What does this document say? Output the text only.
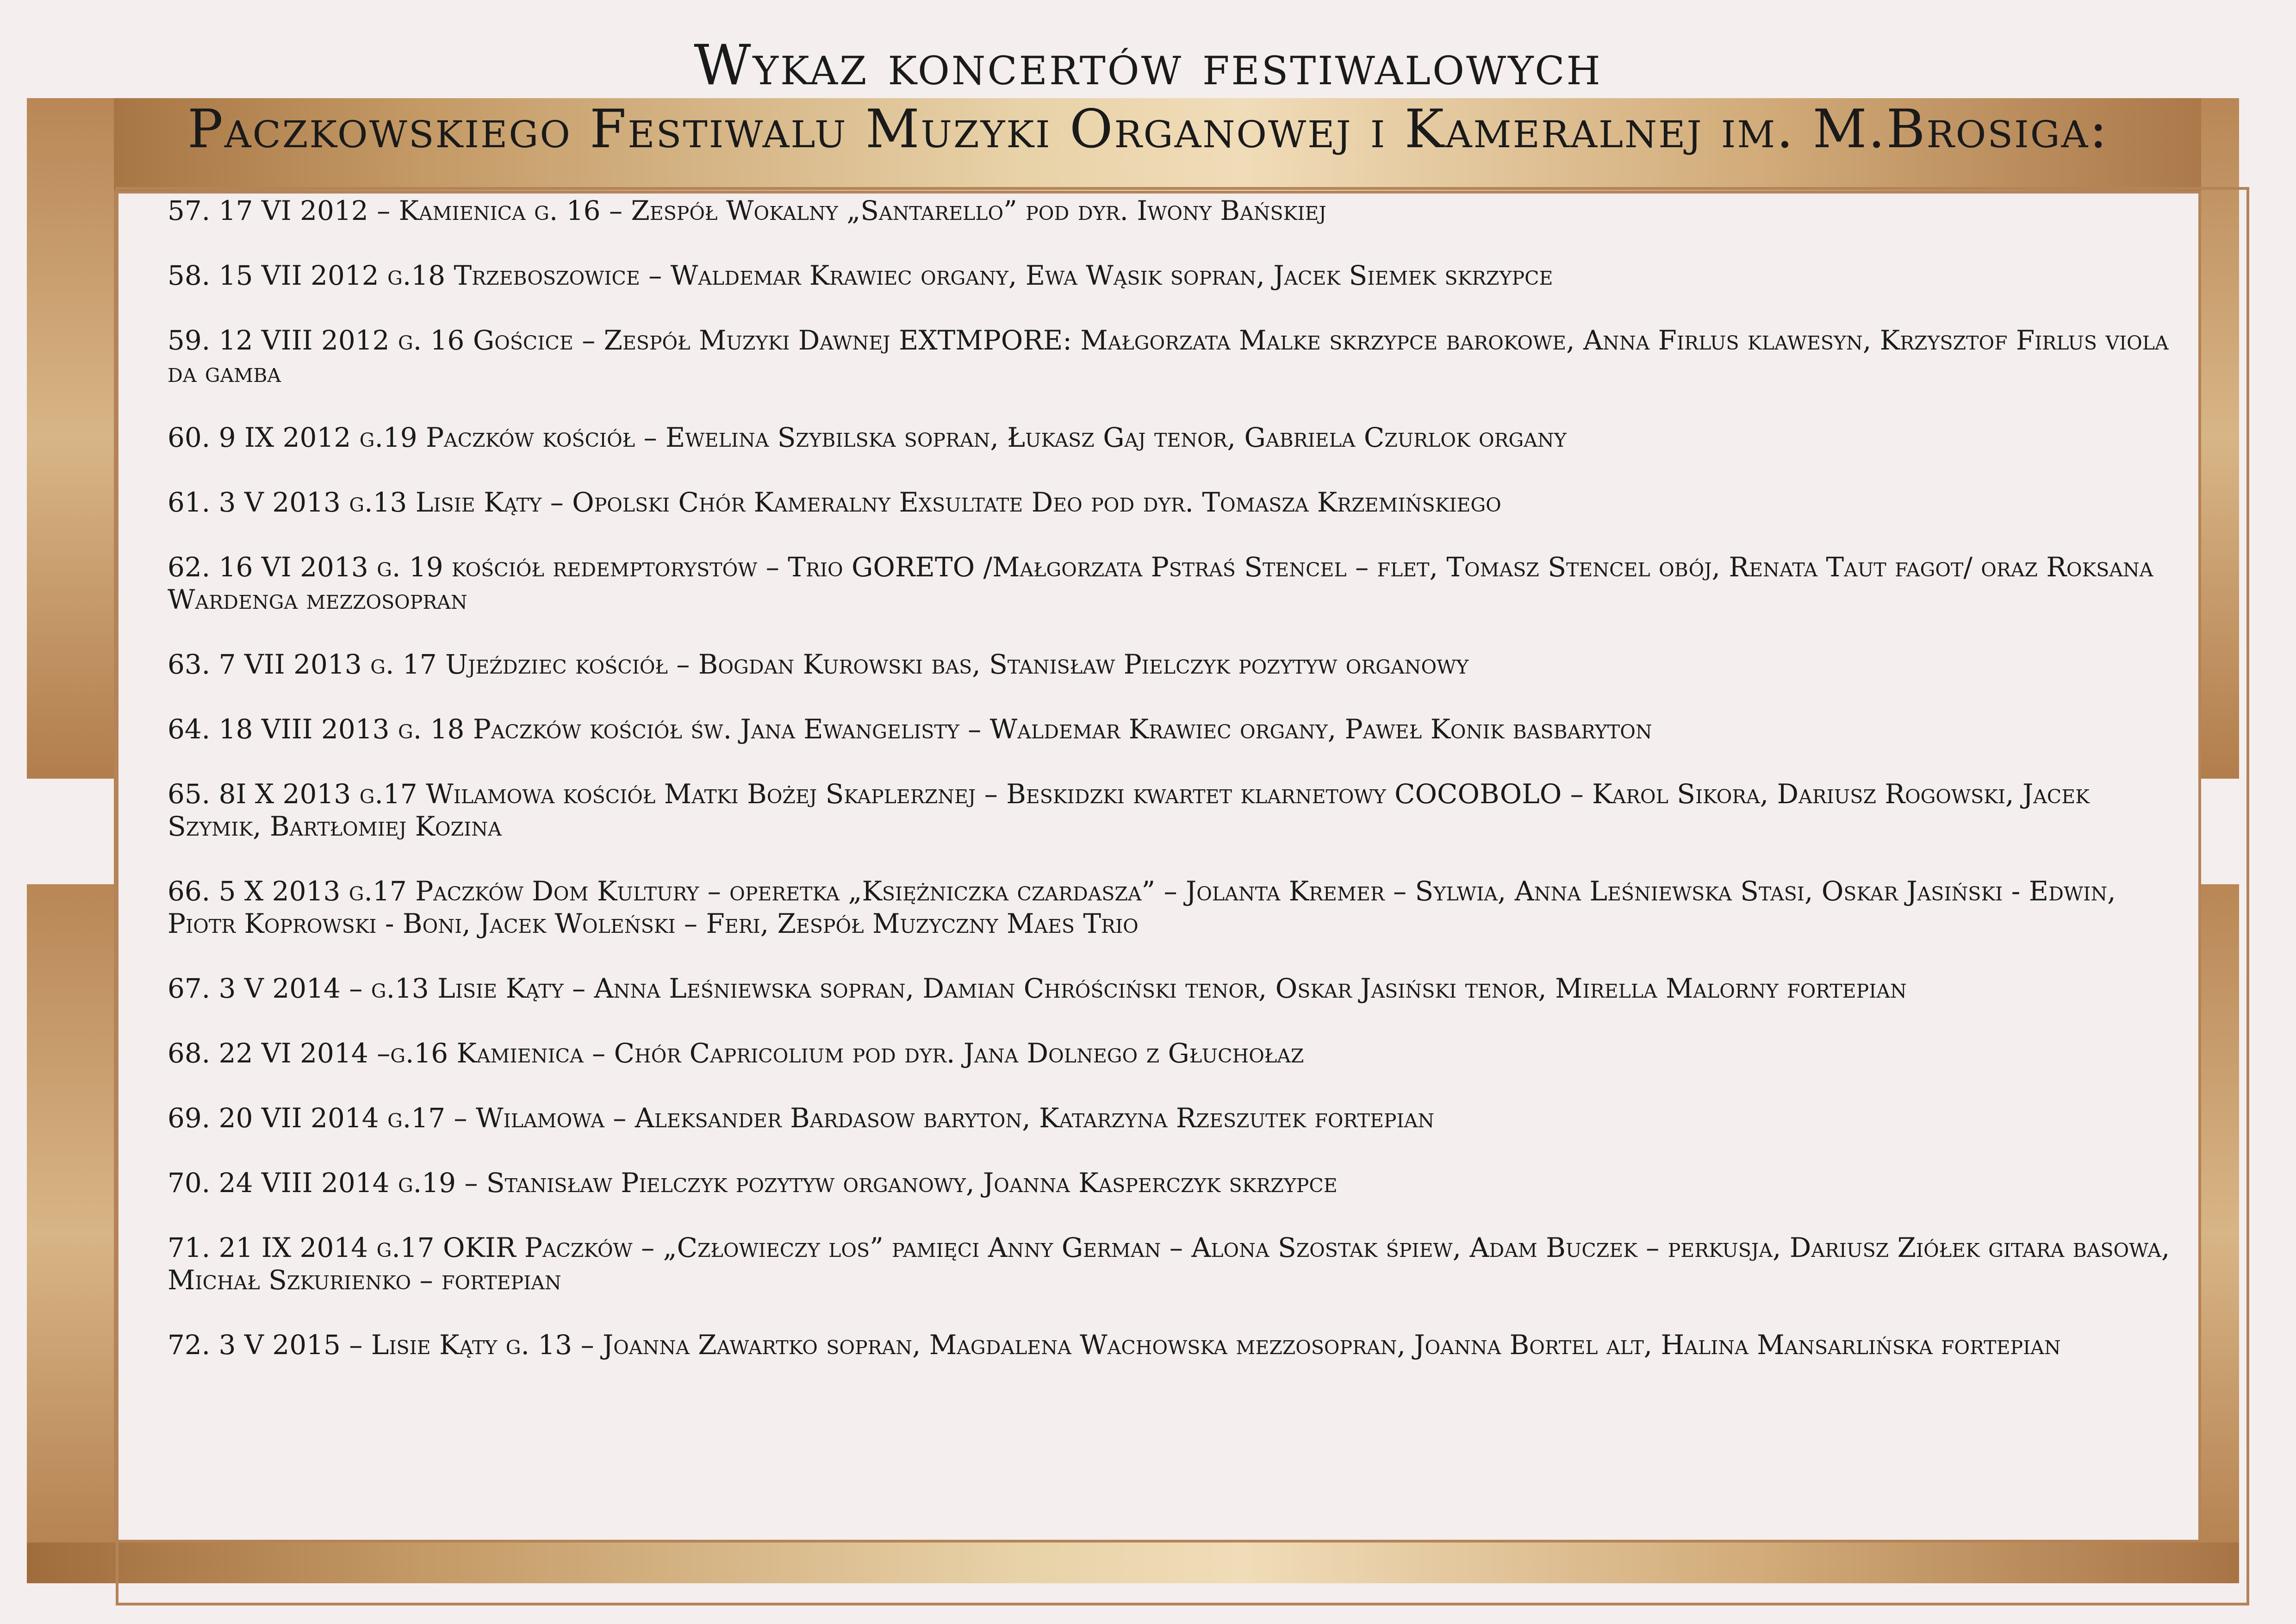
Wykaz koncertów festiwalowych
Paczkowskiego Festiwalu Muzyki Organowej i Kameralnej im. M.Brosiga:
57. 17 VI 2012 – Kamienica g. 16 – Zespół Wokalny „Santarello” pod dyr. Iwony Bańskiej
58. 15 VII 2012 g.18 Trzeboszowice – Waldemar Krawiec organy, Ewa Wąsik sopran, Jacek Siemek skrzypce
59. 12 VIII 2012 g. 16 Gościce – Zespół Muzyki Dawnej EXTMPORE: Małgorzata Malke skrzypce barokowe, Anna Firlus klawesyn, Krzysztof Firlus viola da gamba
60. 9 IX 2012 g.19 Paczków kościół – Ewelina Szybilska sopran, Łukasz Gaj tenor, Gabriela Czurlok organy
61. 3 V 2013 g.13 Lisie Kąty – Opolski Chór Kameralny Exsultate Deo pod dyr. Tomasza Krzemińskiego
62. 16 VI 2013 g. 19 kościół redemptorystów – Trio GORETO /Małgorzata Pstraś Stencel – flet, Tomasz Stencel obój, Renata Taut fagot/ oraz Roksana Wardenga mezzosopran
63. 7 VII 2013 g. 17 Ujeździec kościół – Bogdan Kurowski bas, Stanisław Pielczyk pozytyw organowy
64. 18 VIII 2013 g. 18 Paczków kościół św. Jana Ewangelisty – Waldemar Krawiec organy, Paweł Konik basbaryton
65. 8I X 2013 g.17 Wilamowa kościół Matki Bożej Skaplerznej – Beskidzki kwartet klarnetowy COCOBOLO – Karol Sikora, Dariusz Rogowski, Jacek Szymik, Bartłomiej Kozina
66. 5 X 2013 g.17 Paczków Dom Kultury – operetka „Księżniczka czardasza” – Jolanta Kremer – Sylwia, Anna Leśniewska Stasi, Oskar Jasiński - Edwin, Piotr Koprowski - Boni, Jacek Woleński – Feri, Zespół Muzyczny Maes Trio
67. 3 V 2014 – g.13 Lisie Kąty – Anna Leśniewska sopran, Damian Chróściński tenor, Oskar Jasiński tenor, Mirella Malorny fortepian
68. 22 VI 2014 –g.16 Kamienica – Chór Capricolium pod dyr. Jana Dolnego z Głuchołaz
69. 20 VII 2014 g.17 – Wilamowa – Aleksander Bardasow baryton, Katarzyna Rzeszutek fortepian
70. 24 VIII 2014 g.19 – Stanisław Pielczyk pozytyw organowy, Joanna Kasperczyk skrzypce
71. 21 IX 2014 g.17 OKIR Paczków – „Człowieczy los” pamięci Anny German – Alona Szostak śpiew, Adam Buczek – perkusja, Dariusz Ziółek gitara basowa, Michał Szkurienko – fortepian
72. 3 V 2015 – Lisie Kąty g. 13 – Joanna Zawartko sopran, Magdalena Wachowska mezzosopran, Joanna Bortel alt, Halina Mansarlińska fortepian
